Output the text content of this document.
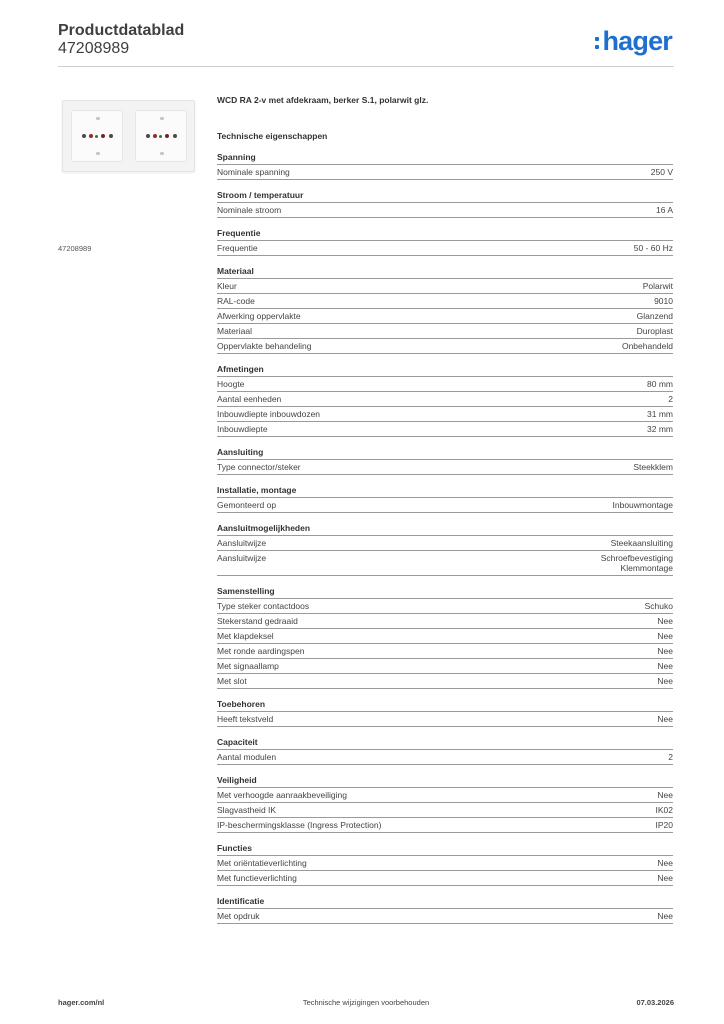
Productdatablad
47208989	hager
47208989
WCD RA 2-v met afdekraam, berker S.1, polarwit glz.
Technische eigenschappen
Spanning
Nominale spanning	250 V
Stroom / temperatuur
Nominale stroom	16 A
Frequentie
Frequentie	50 - 60 Hz
Materiaal
Kleur	Polarwit
RAL-code	9010
Afwerking oppervlakte	Glanzend
Materiaal	Duroplast
Oppervlakte behandeling	Onbehandeld
Afmetingen
Hoogte	80 mm
Aantal eenheden	2
Inbouwdiepte inbouwdozen	31 mm
Inbouwdiepte	32 mm
Aansluiting
Type connector/steker	Steekklem
Installatie, montage
Gemonteerd op	Inbouwmontage
Aansluitmogelijkheden
Aansluitwijze	Steekaansluiting
Aansluitwijze	Schroefbevestiging
Klemmontage
Samenstelling
Type steker contactdoos	Schuko
Stekerstand gedraaid	Nee
Met klapdeksel	Nee
Met ronde aardingspen	Nee
Met signaallamp	Nee
Met slot	Nee
Toebehoren
Heeft tekstveld	Nee
Capaciteit
Aantal modulen	2
Veiligheid
Met verhoogde aanraakbeveiliging	Nee
Slagvastheid IK	IK02
IP-beschermingsklasse (Ingress Protection)	IP20
Functies
Met oriëntatieverlichting	Nee
Met functieverlichting	Nee
Identificatie
Met opdruk	Nee
hager.com/nl	Technische wijzigingen voorbehouden	07.03.2026
